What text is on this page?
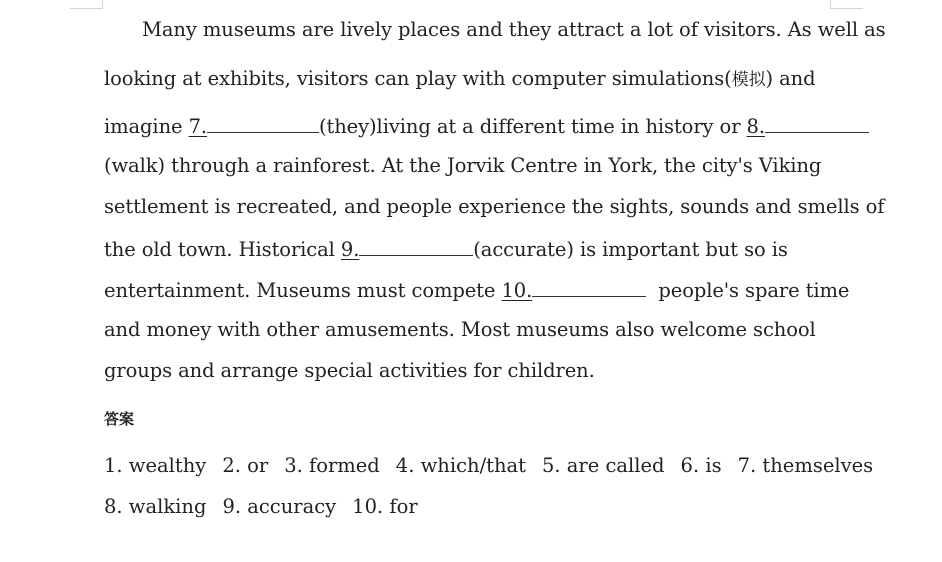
Many museums are lively places and they attract a lot of visitors. As well as
looking at exhibits, visitors can play with computer simulations(模拟) and
imagine 7.	(they)living at a different time in history or 8.
(walk) through a rainforest. At the Jorvik Centre in York, the city's Viking
settlement is recreated, and people experience the sights, sounds and smells of
the old town. Historical 9.	(accurate) is important but so is
entertainment. Museums must compete 10.	people's spare time
and money with other amusements. Most museums also welcome school
groups and arrange special activities for children.
答案
1. wealthy 2. or 3. formed 4. which/that 5. are called 6. is 7. themselves
8. walking 9. accuracy 10. for
